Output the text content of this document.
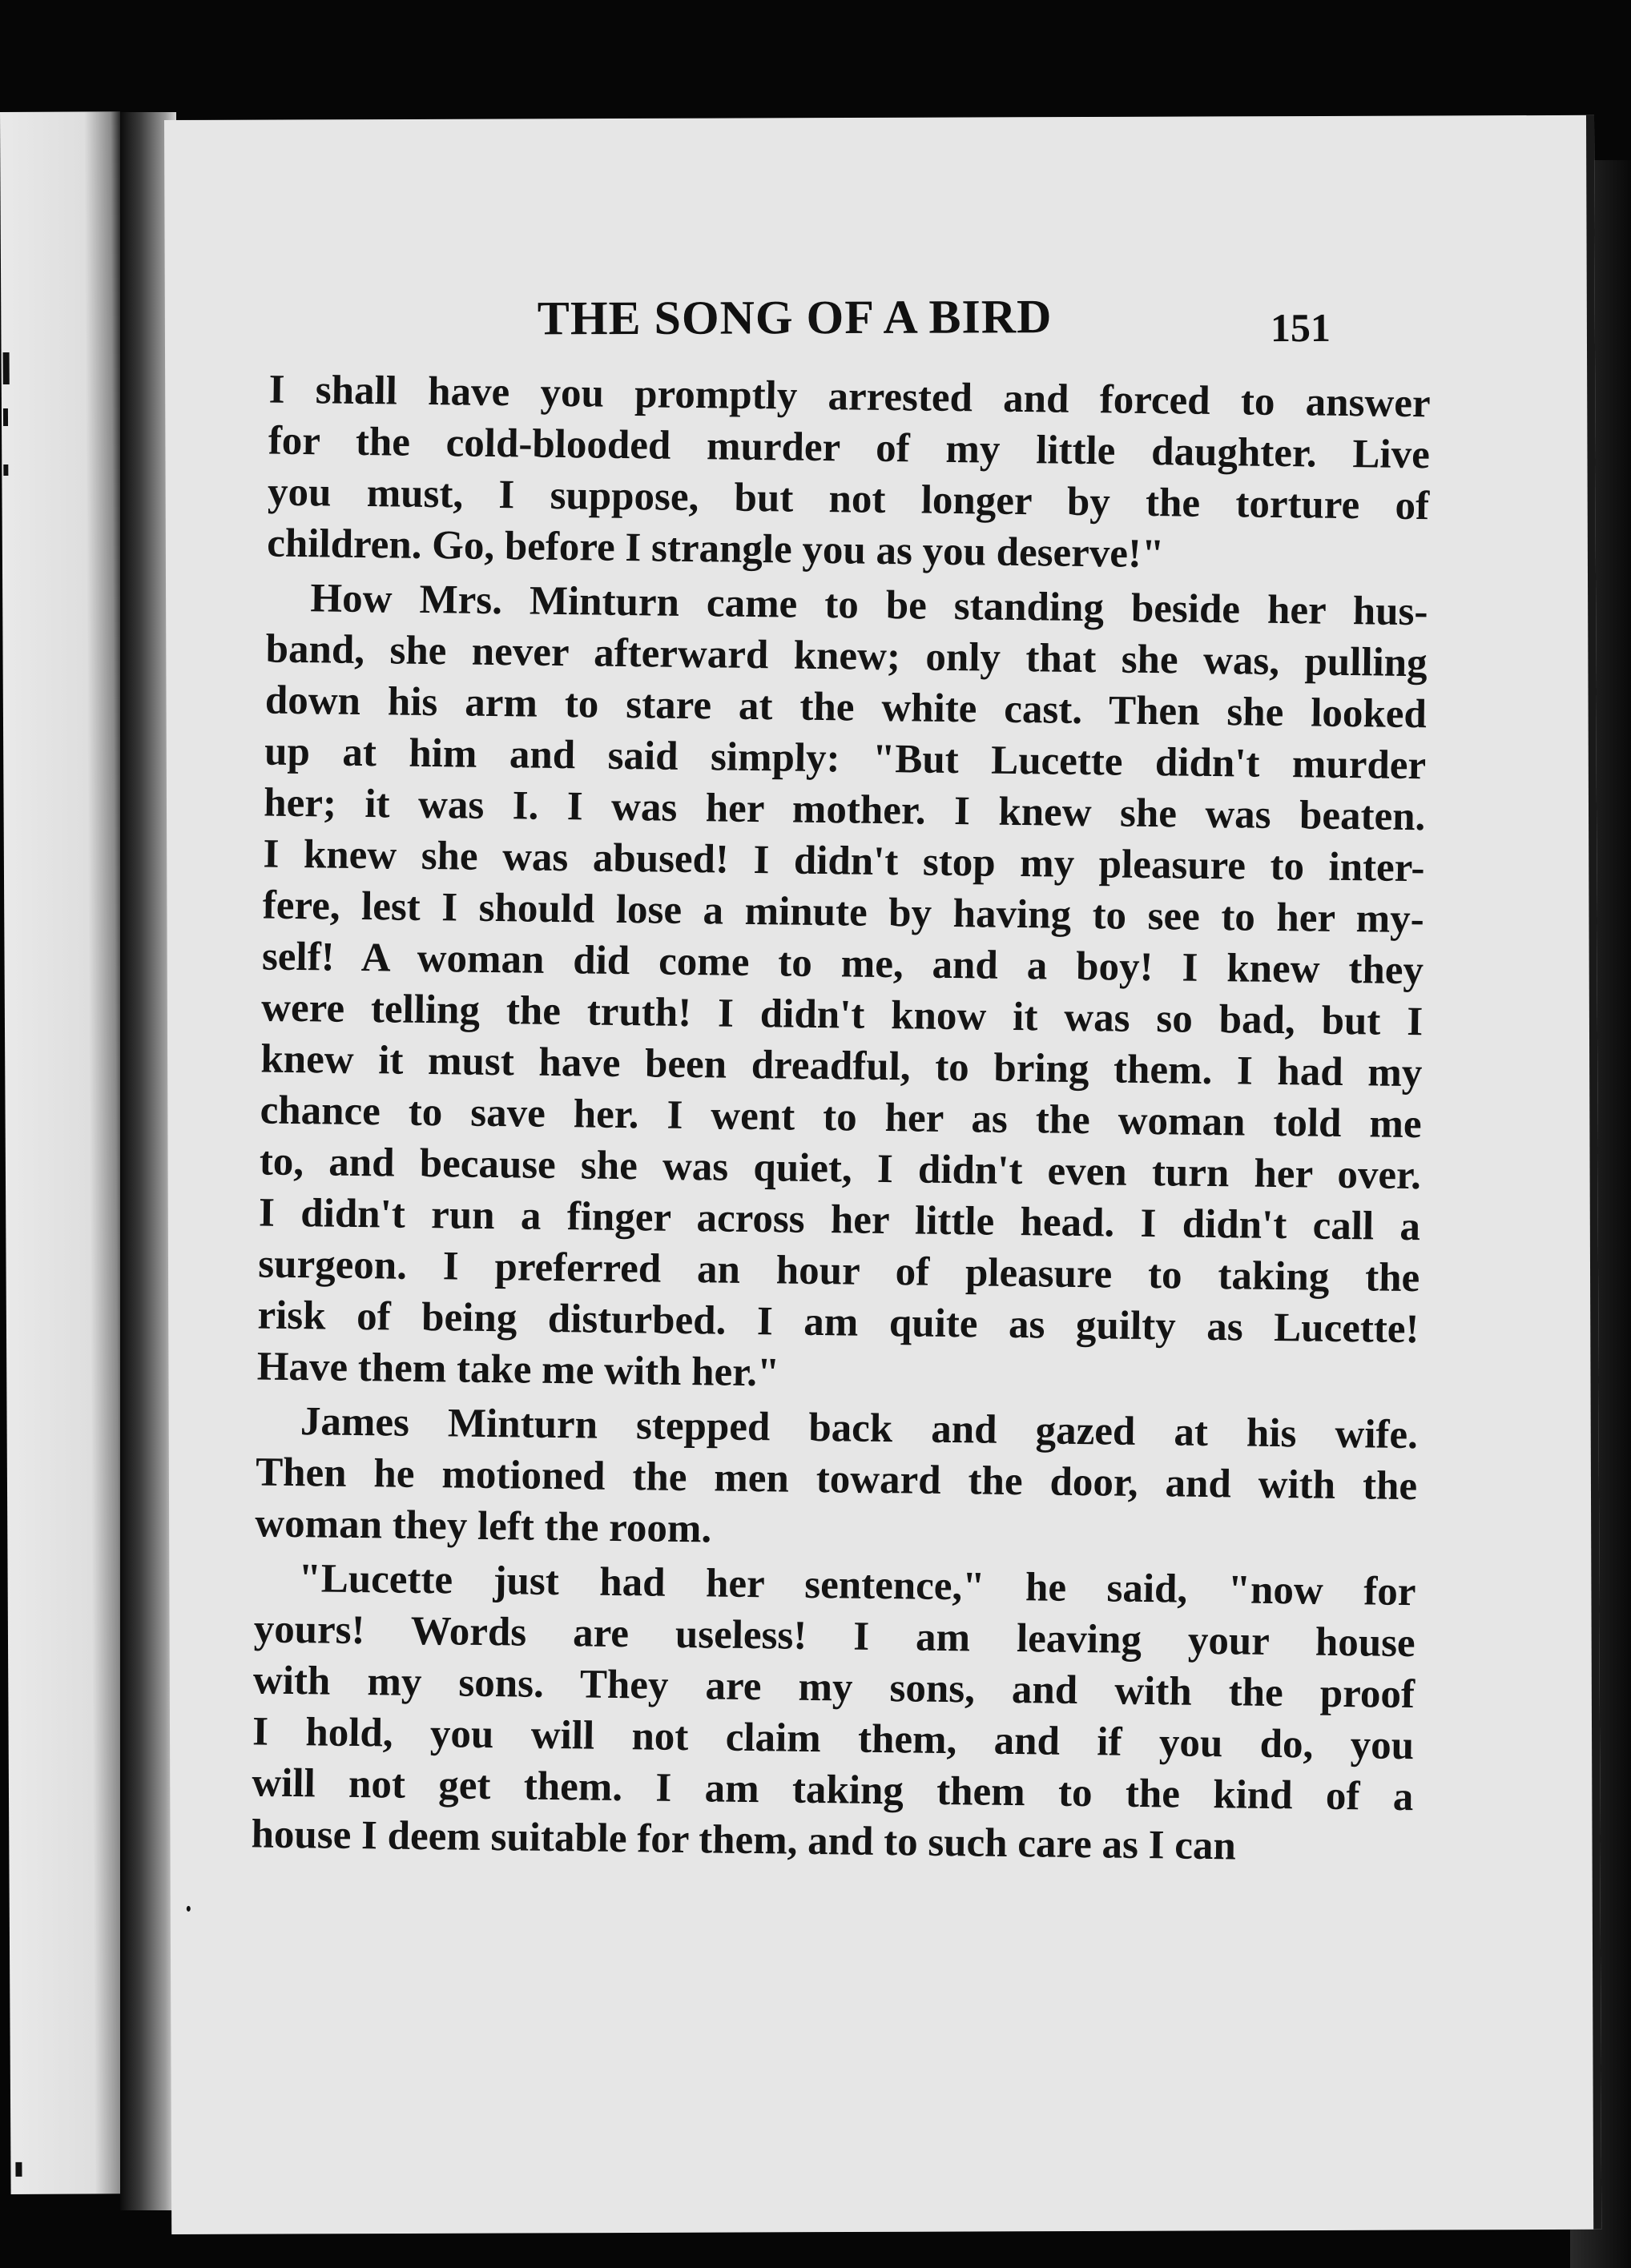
THE SONG OF A BIRD	151
I shall have you promptly arrested and forced to answer
for the cold-blooded murder of my little daughter. Live
you must, I suppose, but not longer by the torture of
children. Go, before I strangle you as you deserve!"
How Mrs. Minturn came to be standing beside her hus-
band, she never afterward knew; only that she was, pulling
down his arm to stare at the white cast. Then she looked
up at him and said simply: "But Lucette didn't murder
her; it was I. I was her mother. I knew she was beaten.
I knew she was abused! I didn't stop my pleasure to inter-
fere, lest I should lose a minute by having to see to her my-
self! A woman did come to me, and a boy! I knew they
were telling the truth! I didn't know it was so bad, but I
knew it must have been dreadful, to bring them. I had my
chance to save her. I went to her as the woman told me
to, and because she was quiet, I didn't even turn her over.
I didn't run a finger across her little head. I didn't call a
surgeon. I preferred an hour of pleasure to taking the
risk of being disturbed. I am quite as guilty as Lucette!
Have them take me with her."
James Minturn stepped back and gazed at his wife.
Then he motioned the men toward the door, and with the
woman they left the room.
"Lucette just had her sentence," he said, "now for
yours! Words are useless! I am leaving your house
with my sons. They are my sons, and with the proof
I hold, you will not claim them, and if you do, you
will not get them. I am taking them to the kind of a
house I deem suitable for them, and to such care as I can
